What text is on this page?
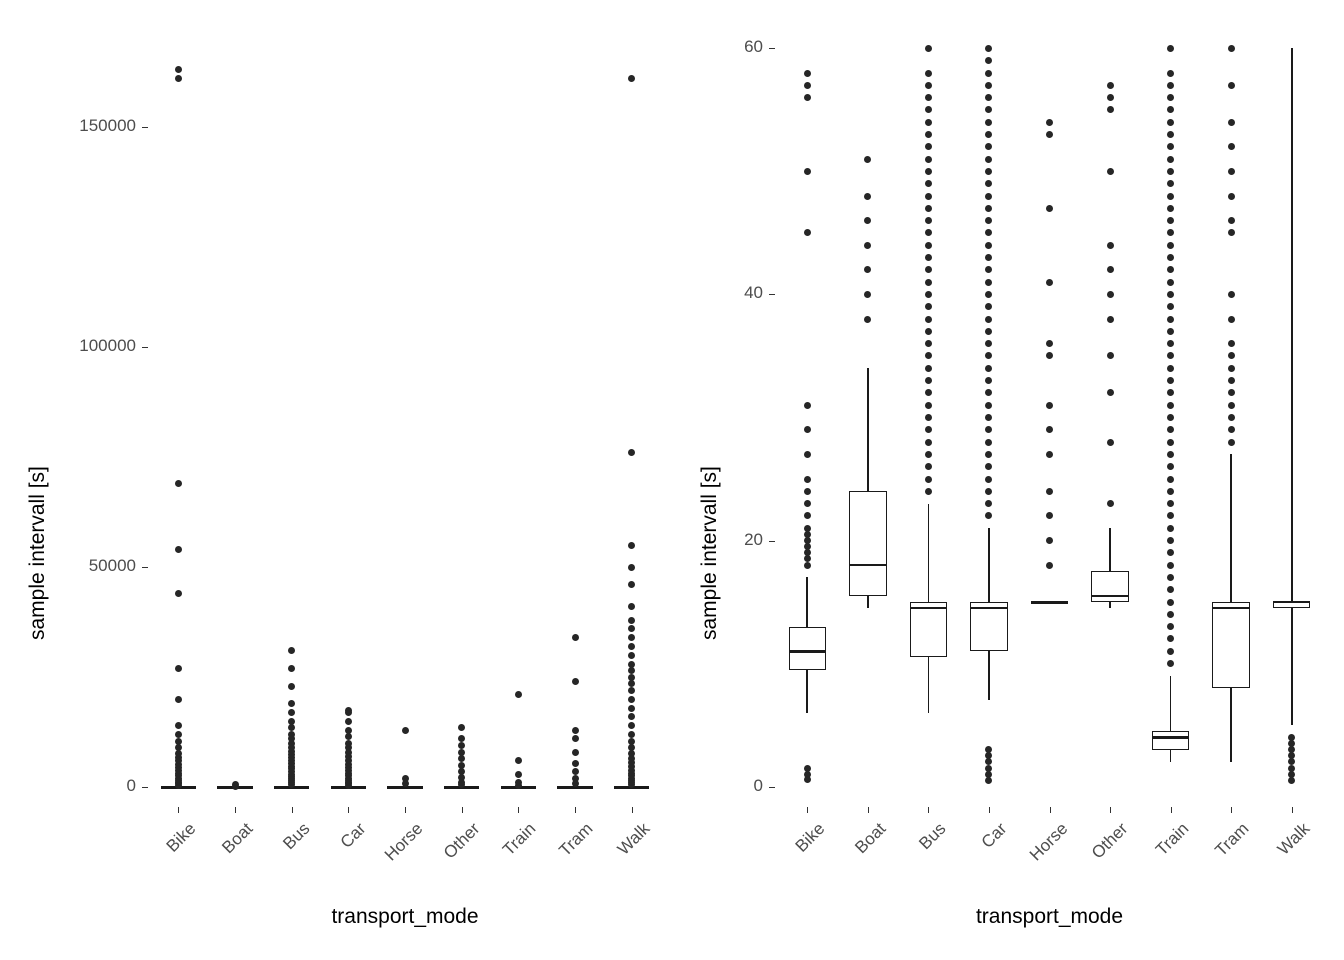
sample intervall [s]
transport_mode
0
50000
100000
150000
Bike	Boat	Bus	Car Horse Other Train Tram Walk
sample intervall [s]
transport_mode
0
20
40
60
Bike	Boat	Bus	Car Horse	Other	Train	Tram	Walk
